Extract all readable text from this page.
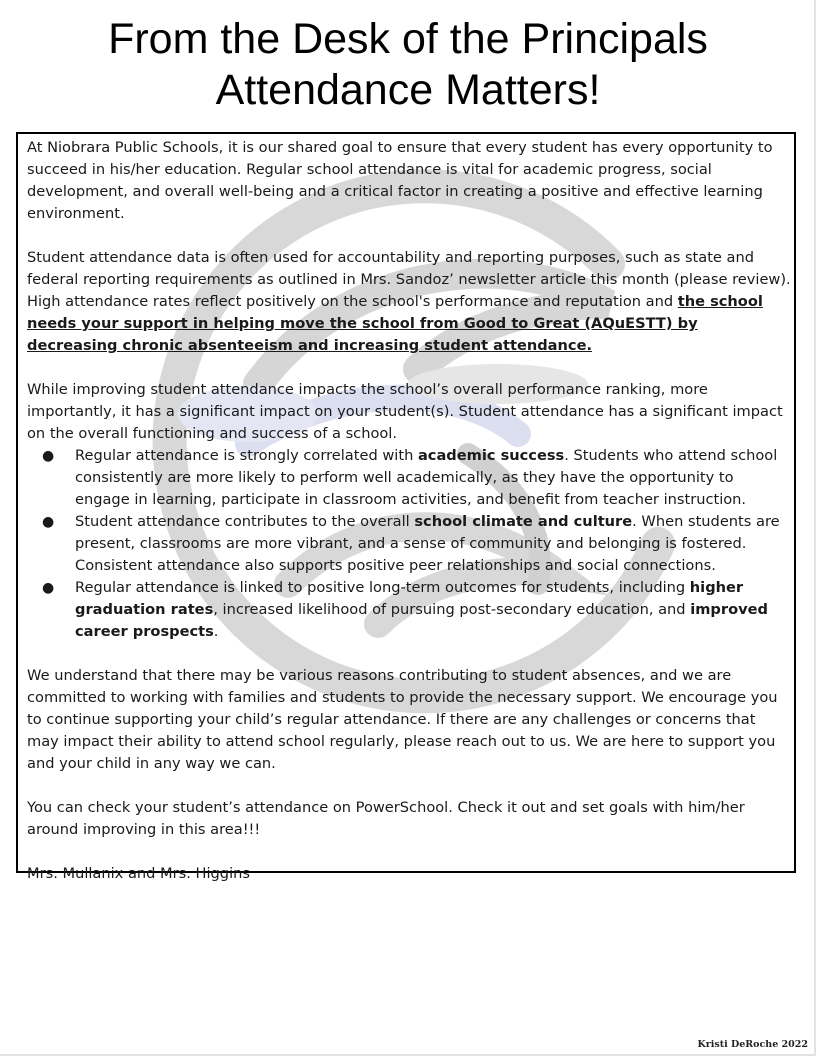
From the Desk of the Principals
Attendance Matters!

At Niobrara Public Schools, it is our shared goal to ensure that every student has every opportunity to succeed in his/her education. Regular school attendance is vital for academic progress, social development, and overall well-being and a critical factor in creating a positive and effective learning environment.

Student attendance data is often used for accountability and reporting purposes, such as state and federal reporting requirements as outlined in Mrs. Sandoz’ newsletter article this month (please review). High attendance rates reflect positively on the school's performance and reputation and the school needs your support in helping move the school from Good to Great (AQuESTT) by decreasing chronic absenteeism and increasing student attendance.

While improving student attendance impacts the school’s overall performance ranking, more importantly, it has a significant impact on your student(s). Student attendance has a significant impact on the overall functioning and success of a school.

● Regular attendance is strongly correlated with academic success. Students who attend school consistently are more likely to perform well academically, as they have the opportunity to engage in learning, participate in classroom activities, and benefit from teacher instruction.
● Student attendance contributes to the overall school climate and culture. When students are present, classrooms are more vibrant, and a sense of community and belonging is fostered. Consistent attendance also supports positive peer relationships and social connections.
● Regular attendance is linked to positive long-term outcomes for students, including higher graduation rates, increased likelihood of pursuing post-secondary education, and improved career prospects.

We understand that there may be various reasons contributing to student absences, and we are committed to working with families and students to provide the necessary support. We encourage you to continue supporting your child’s regular attendance. If there are any challenges or concerns that may impact their ability to attend school regularly, please reach out to us. We are here to support you and your child in any way we can.

You can check your student’s attendance on PowerSchool. Check it out and set goals with him/her around improving in this area!!!

Mrs. Mullanix and Mrs. Higgins

Kristi DeRoche 2022
